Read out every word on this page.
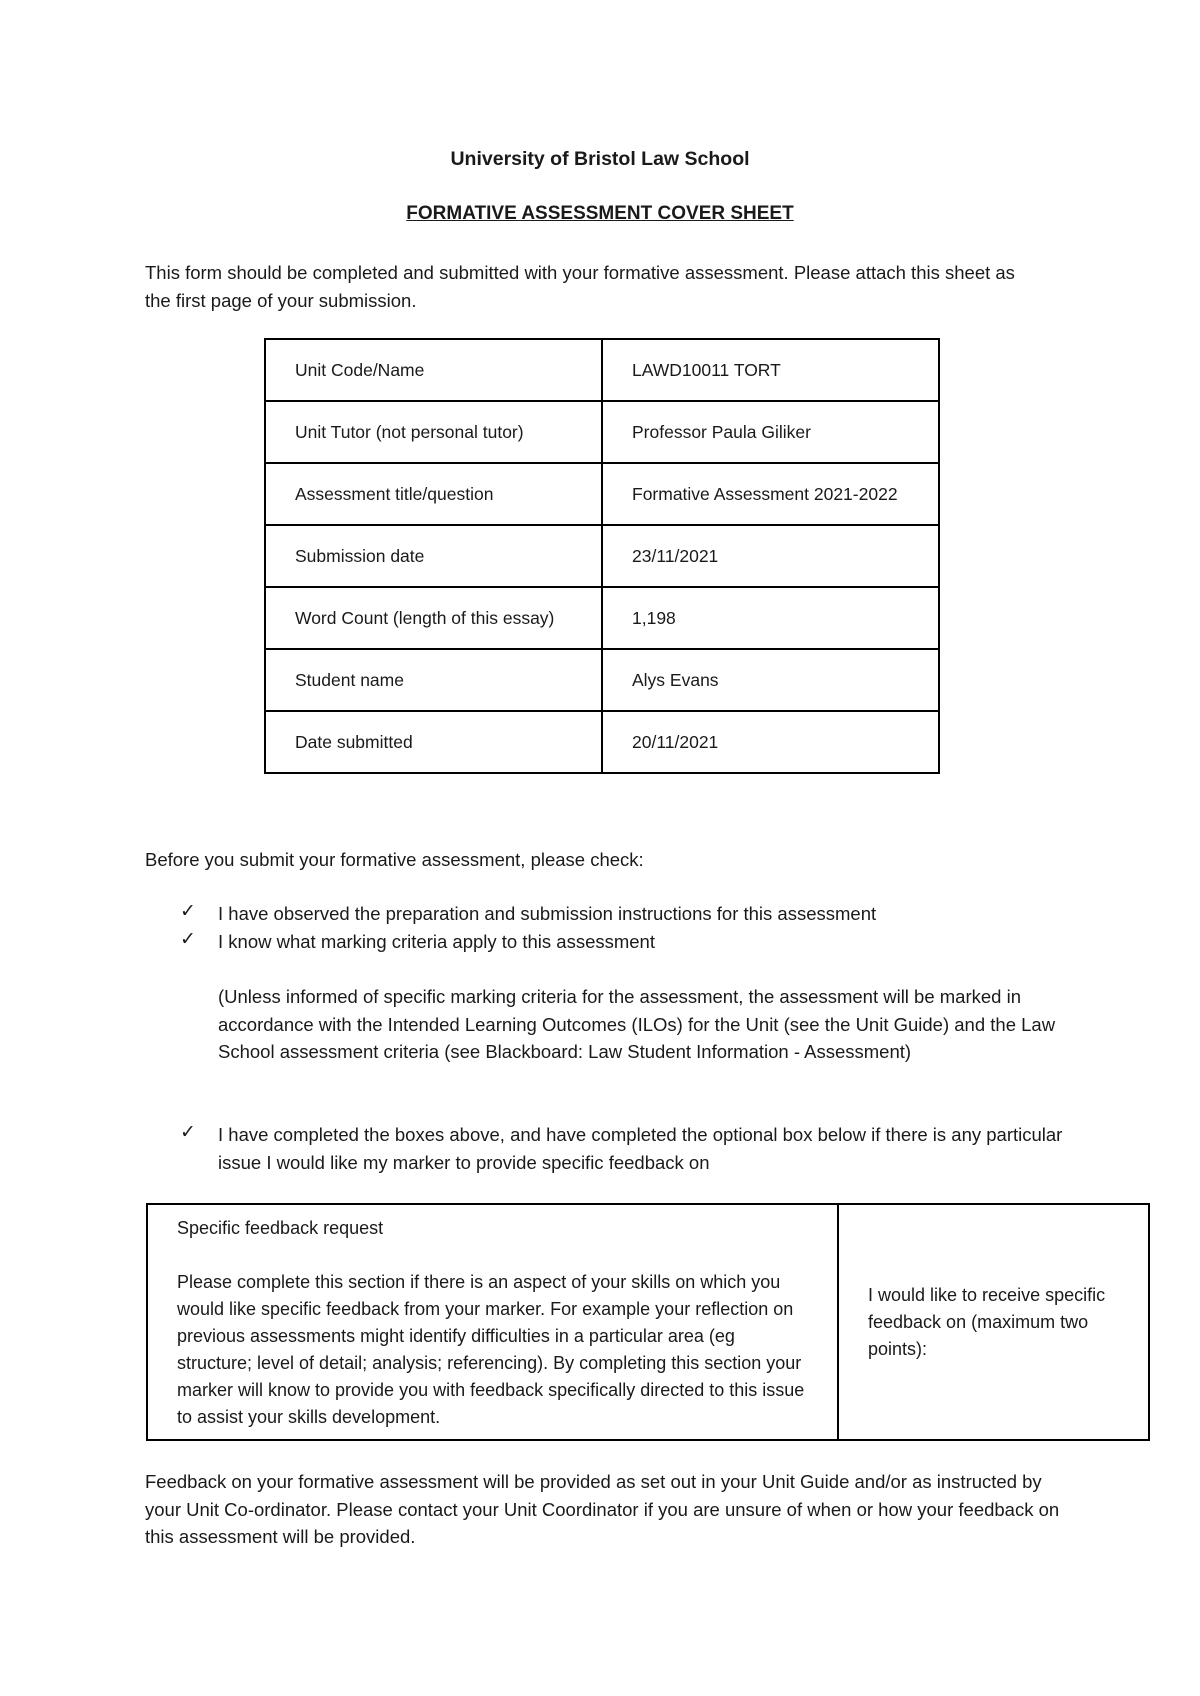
University of Bristol Law School
FORMATIVE ASSESSMENT COVER SHEET
This form should be completed and submitted with your formative assessment. Please attach this sheet as the first page of your submission.
Unit Code/Name	LAWD10011 TORT
Unit Tutor (not personal tutor)	Professor Paula Giliker
Assessment title/question	Formative Assessment 2021-2022
Submission date	23/11/2021
Word Count (length of this essay)	1,198
Student name	Alys Evans
Date submitted	20/11/2021
Before you submit your formative assessment, please check:
✓ I have observed the preparation and submission instructions for this assessment
✓ I know what marking criteria apply to this assessment
(Unless informed of specific marking criteria for the assessment, the assessment will be marked in accordance with the Intended Learning Outcomes (ILOs) for the Unit (see the Unit Guide) and the Law School assessment criteria (see Blackboard: Law Student Information - Assessment)
✓ I have completed the boxes above, and have completed the optional box below if there is any particular issue I would like my marker to provide specific feedback on
Specific feedback request
Please complete this section if there is an aspect of your skills on which you would like specific feedback from your marker. For example your reflection on previous assessments might identify difficulties in a particular area (eg structure; level of detail; analysis; referencing). By completing this section your marker will know to provide you with feedback specifically directed to this issue to assist your skills development.

I would like to receive specific feedback on (maximum two points):
Feedback on your formative assessment will be provided as set out in your Unit Guide and/or as instructed by your Unit Co-ordinator. Please contact your Unit Coordinator if you are unsure of when or how your feedback on this assessment will be provided.
